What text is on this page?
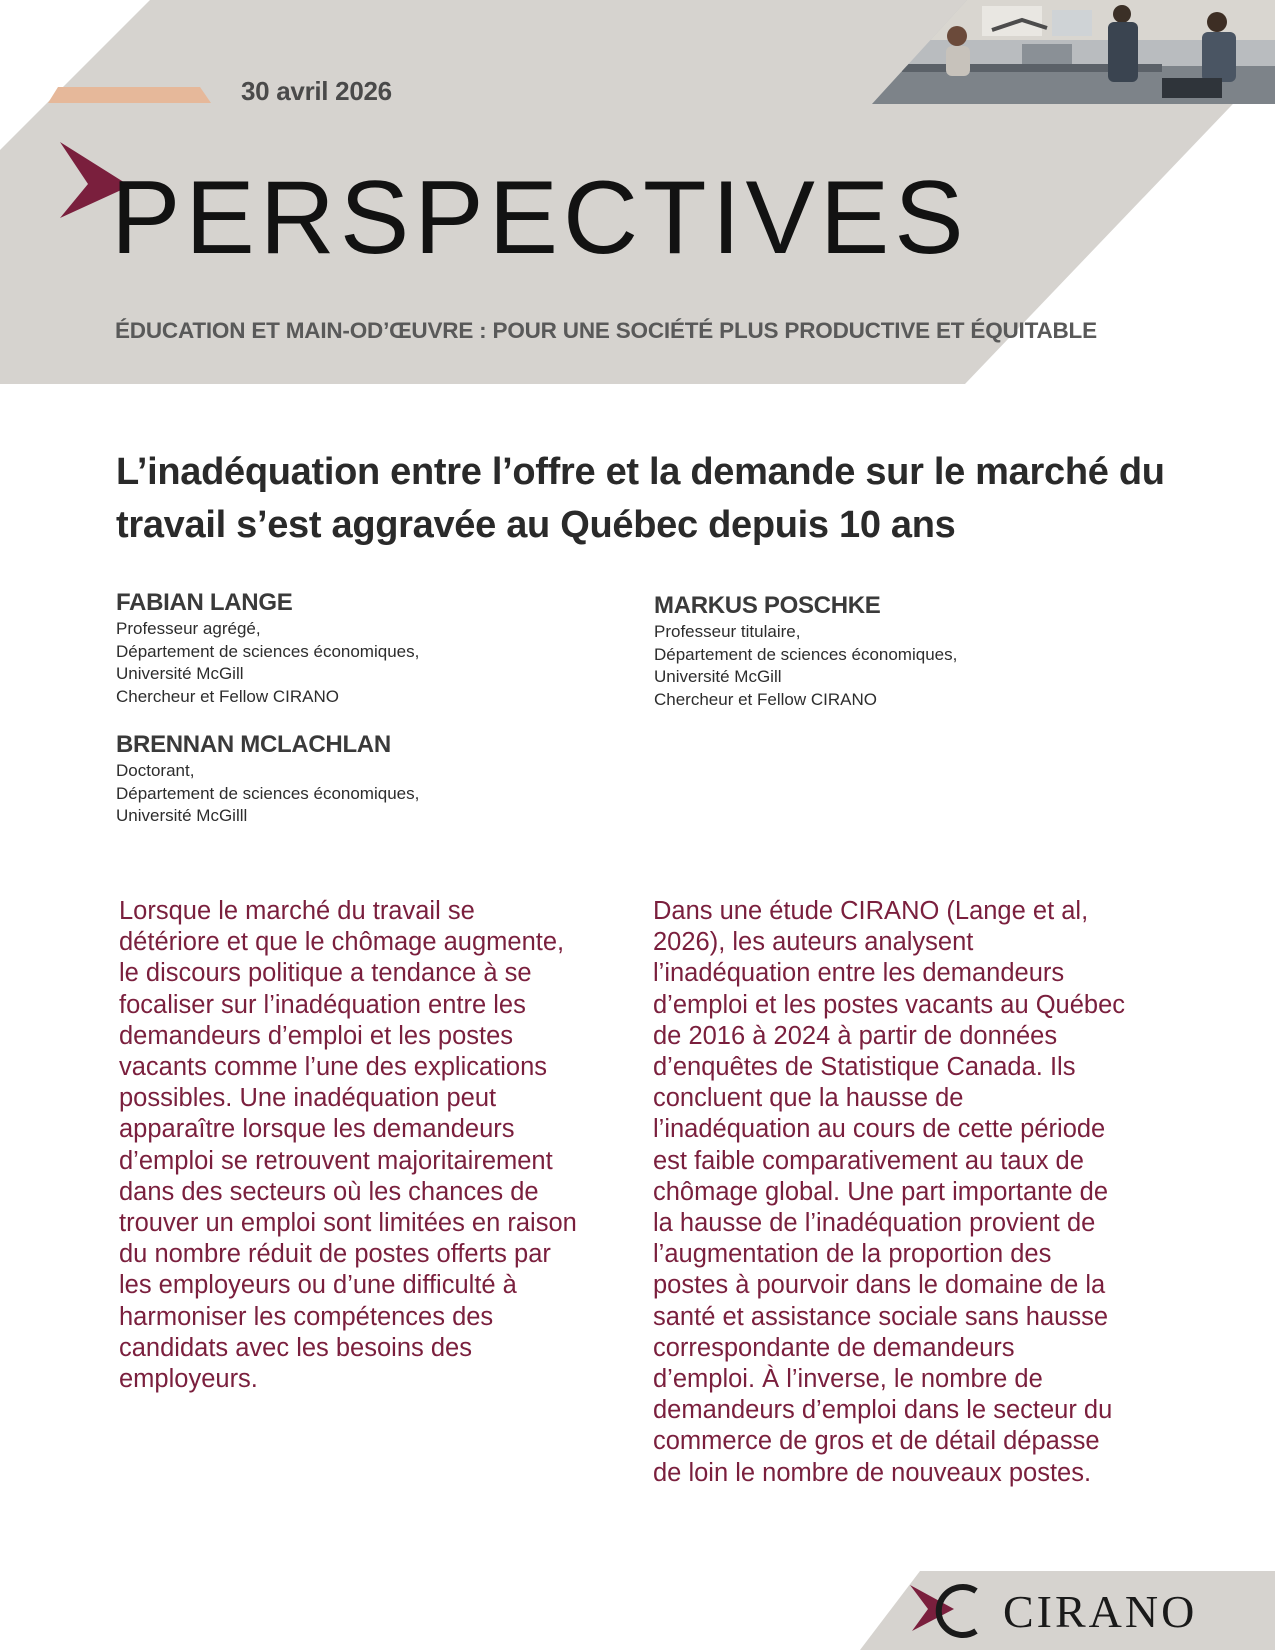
30 avril 2026
PERSPECTIVES
ÉDUCATION ET MAIN-OD’ŒUVRE : POUR UNE SOCIÉTÉ PLUS PRODUCTIVE ET ÉQUITABLE
L’inadéquation entre l’offre et la demande sur le marché du travail s’est aggravée au Québec depuis 10 ans
FABIAN LANGE
Professeur agrégé,
Département de sciences économiques,
Université McGill
Chercheur et Fellow CIRANO
BRENNAN MCLACHLAN
Doctorant,
Département de sciences économiques,
Université McGilll
MARKUS POSCHKE
Professeur titulaire,
Département de sciences économiques,
Université McGill
Chercheur et Fellow CIRANO
Lorsque le marché du travail se
détériore et que le chômage augmente,
le discours politique a tendance à se
focaliser sur l’inadéquation entre les
demandeurs d’emploi et les postes
vacants comme l’une des explications
possibles. Une inadéquation peut
apparaître lorsque les demandeurs
d’emploi se retrouvent majoritairement
dans des secteurs où les chances de
trouver un emploi sont limitées en raison
du nombre réduit de postes offerts par
les employeurs ou d’une difficulté à
harmoniser les compétences des
candidats avec les besoins des
employeurs.
Dans une étude CIRANO (Lange et al,
2026), les auteurs analysent
l’inadéquation entre les demandeurs
d’emploi et les postes vacants au Québec
de 2016 à 2024 à partir de données
d’enquêtes de Statistique Canada. Ils
concluent que la hausse de
l’inadéquation au cours de cette période
est faible comparativement au taux de
chômage global. Une part importante de
la hausse de l’inadéquation provient de
l’augmentation de la proportion des
postes à pourvoir dans le domaine de la
santé et assistance sociale sans hausse
correspondante de demandeurs
d’emploi. À l’inverse, le nombre de
demandeurs d’emploi dans le secteur du
commerce de gros et de détail dépasse
de loin le nombre de nouveaux postes.
CIRANO
